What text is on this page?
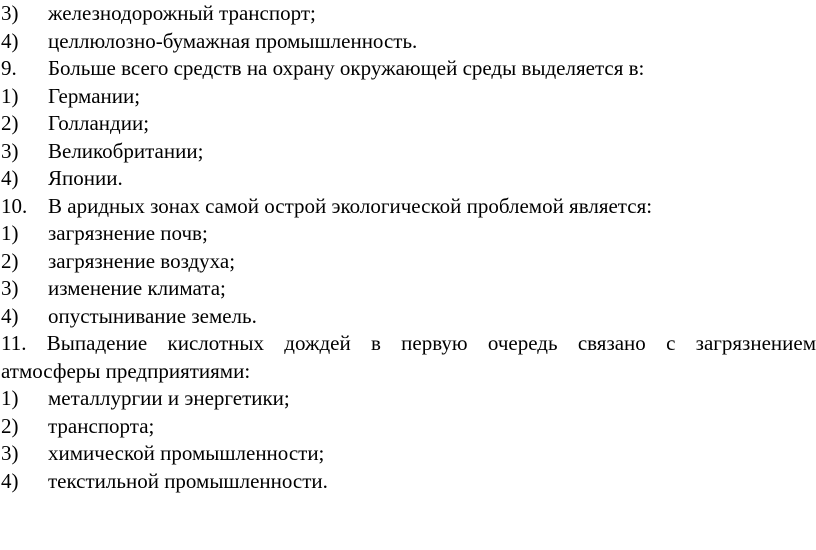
3) железнодорожный транспорт;
4) целлюлозно-бумажная промышленность.
9. Больше всего средств на охрану окружающей среды выделяется в:
1) Германии;
2) Голландии;
3) Великобритании;
4) Японии.
10. В аридных зонах самой острой экологической проблемой является:
1) загрязнение почв;
2) загрязнение воздуха;
3) изменение климата;
4) опустынивание земель.
11. Выпадение кислотных дождей в первую очередь связано с загрязнением
атмосферы предприятиями:
1) металлургии и энергетики;
2) транспорта;
3) химической промышленности;
4) текстильной промышленности.
